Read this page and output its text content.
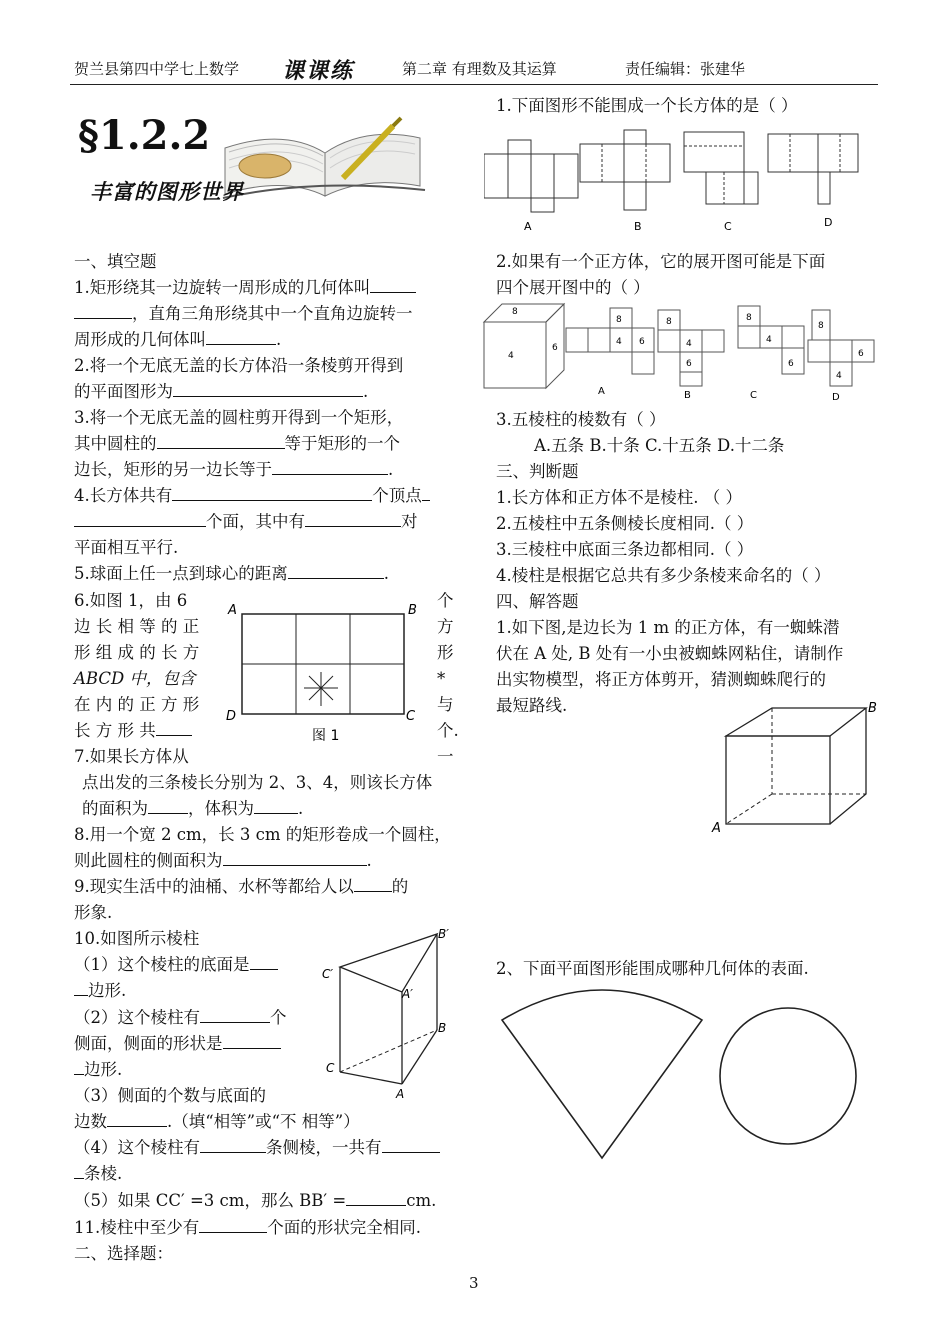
贺兰县第四中学七上数学 课课练	第二章 有理数及其运算	责任编辑：张建华
§1.2.2
丰富的图形世界
一、填空题
1.矩形绕其一边旋转一周形成的几何体叫
，直角三角形绕其中一个直角边旋转一
周形成的几何体叫	.
2.将一个无底无盖的长方体沿一条棱剪开得到
的平面图形为	.
3.将一个无底无盖的圆柱剪开得到一个矩形，
其中圆柱的	等于矩形的一个
边长，矩形的另一边长等于	.
4.长方体共有	个顶点
个面，其中有	对
平面相互平行.
5.球面上任一点到球心的距离	.
6.如图 1，由 6	个
边 长 相 等 的 正	方
形 组 成 的 长 方	形
ABCD 中，包含	*
在 内 的 正 方 形	与
长 方 形 共	个.
A	B
C
D
图 1
7.如果长方体从	一
点出发的三条棱长分别为 2、3、4，则该长方体
的面积为 ，体积为	.
8.用一个宽 2 cm，长 3 cm 的矩形卷成一个圆柱，
则此圆柱的侧面积为	.
9.现实生活中的油桶、水杯等都给人以 的
形象.
10.如图所示棱柱
（1）这个棱柱的底面是
边形.
（2）这个棱柱有	个
侧面，侧面的形状是
边形.
（3）侧面的个数与底面的
边数	.（填“相等”或“不 相等”）
（4）这个棱柱有	条侧棱，一共有
条棱.
（5）如果 CC′ =3 cm，那么 BB′ =	cm.
11.棱柱中至少有	个面的形状完全相同.
二、选择题：
B′
C′
A′
B
C
A
1.下面图形不能围成一个长方体的是（ ）
A	B	C	D
2.如果有一个正方体，它的展开图可能是下面
四个展开图中的（ ）
8
4
6
8
4 6
8
4
6
8
4
6
8
6
4
A	B	C	D
3.五棱柱的棱数有（ ）
A.五条 B.十条 C.十五条 D.十二条
三、判断题
1.长方体和正方体不是棱柱. （ ）
2.五棱柱中五条侧棱长度相同.（ ）
3.三棱柱中底面三条边都相同.（ ）
4.棱柱是根据它总共有多少条棱来命名的（ ）
四、解答题
1.如下图,是边长为 1 m 的正方体，有一蜘蛛潜
伏在 A 处, B 处有一小虫被蜘蛛网粘住，请制作
出实物模型，将正方体剪开，猜测蜘蛛爬行的
最短路线.
A
B
2、下面平面图形能围成哪种几何体的表面.
3
